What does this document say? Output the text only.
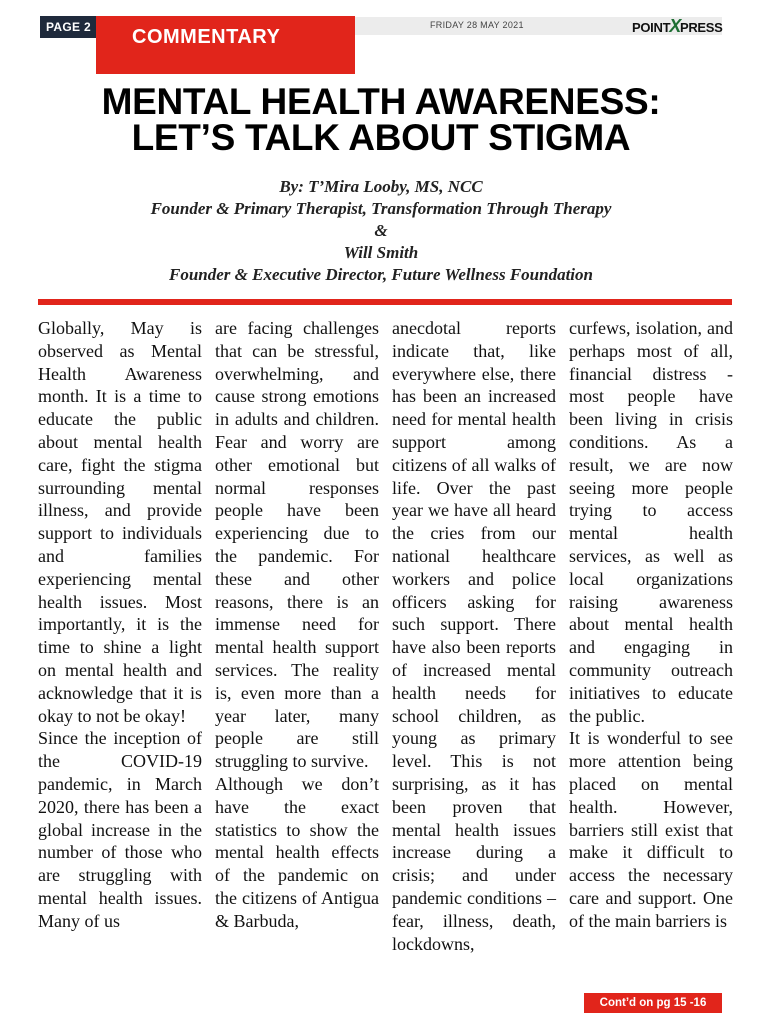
PAGE 2	FRIDAY 28 MAY 2021	POINTXPRESS
COMMENTARY
MENTAL HEALTH AWARENESS:
LET’S TALK ABOUT STIGMA
By: T’Mira Looby, MS, NCC
Founder & Primary Therapist, Transformation Through Therapy
&
Will Smith
Founder & Executive Director, Future Wellness Foundation

Globally, May is observed as Mental Health Awareness month. It is a time to educate the public about mental health care, fight the stigma surrounding mental illness, and provide support to individuals and families experiencing mental health issues. Most importantly, it is the time to shine a light on mental health and acknowledge that it is okay to not be okay!

Since the inception of the COVID-19 pandemic, in March 2020, there has been a global increase in the number of those who are struggling with mental health issues. Many of us

are facing challenges that can be stressful, overwhelming, and cause strong emotions in adults and children. Fear and worry are other emotional but normal responses people have been experiencing due to the pandemic. For these and other reasons, there is an immense need for mental health support services. The reality is, even more than a year later, many people are still struggling to survive.

Although we don’t have the exact statistics to show the mental health effects of the pandemic on the citizens of Antigua & Barbuda,

anecdotal reports indicate that, like everywhere else, there has been an increased need for mental health support among citizens of all walks of life. Over the past year we have all heard the cries from our national healthcare workers and police officers asking for such support. There have also been reports of increased mental health needs for school children, as young as primary level. This is not surprising, as it has been proven that mental health issues increase during a crisis; and under pandemic conditions – fear, illness, death, lockdowns,

curfews, isolation, and perhaps most of all, financial distress - most people have been living in crisis conditions. As a result, we are now seeing more people trying to access mental health services, as well as local organizations raising awareness about mental health and engaging in community outreach initiatives to educate the public.

It is wonderful to see more attention being placed on mental health. However, barriers still exist that make it difficult to access the necessary care and support. One of the main barriers is

Cont’d on pg 15 -16
